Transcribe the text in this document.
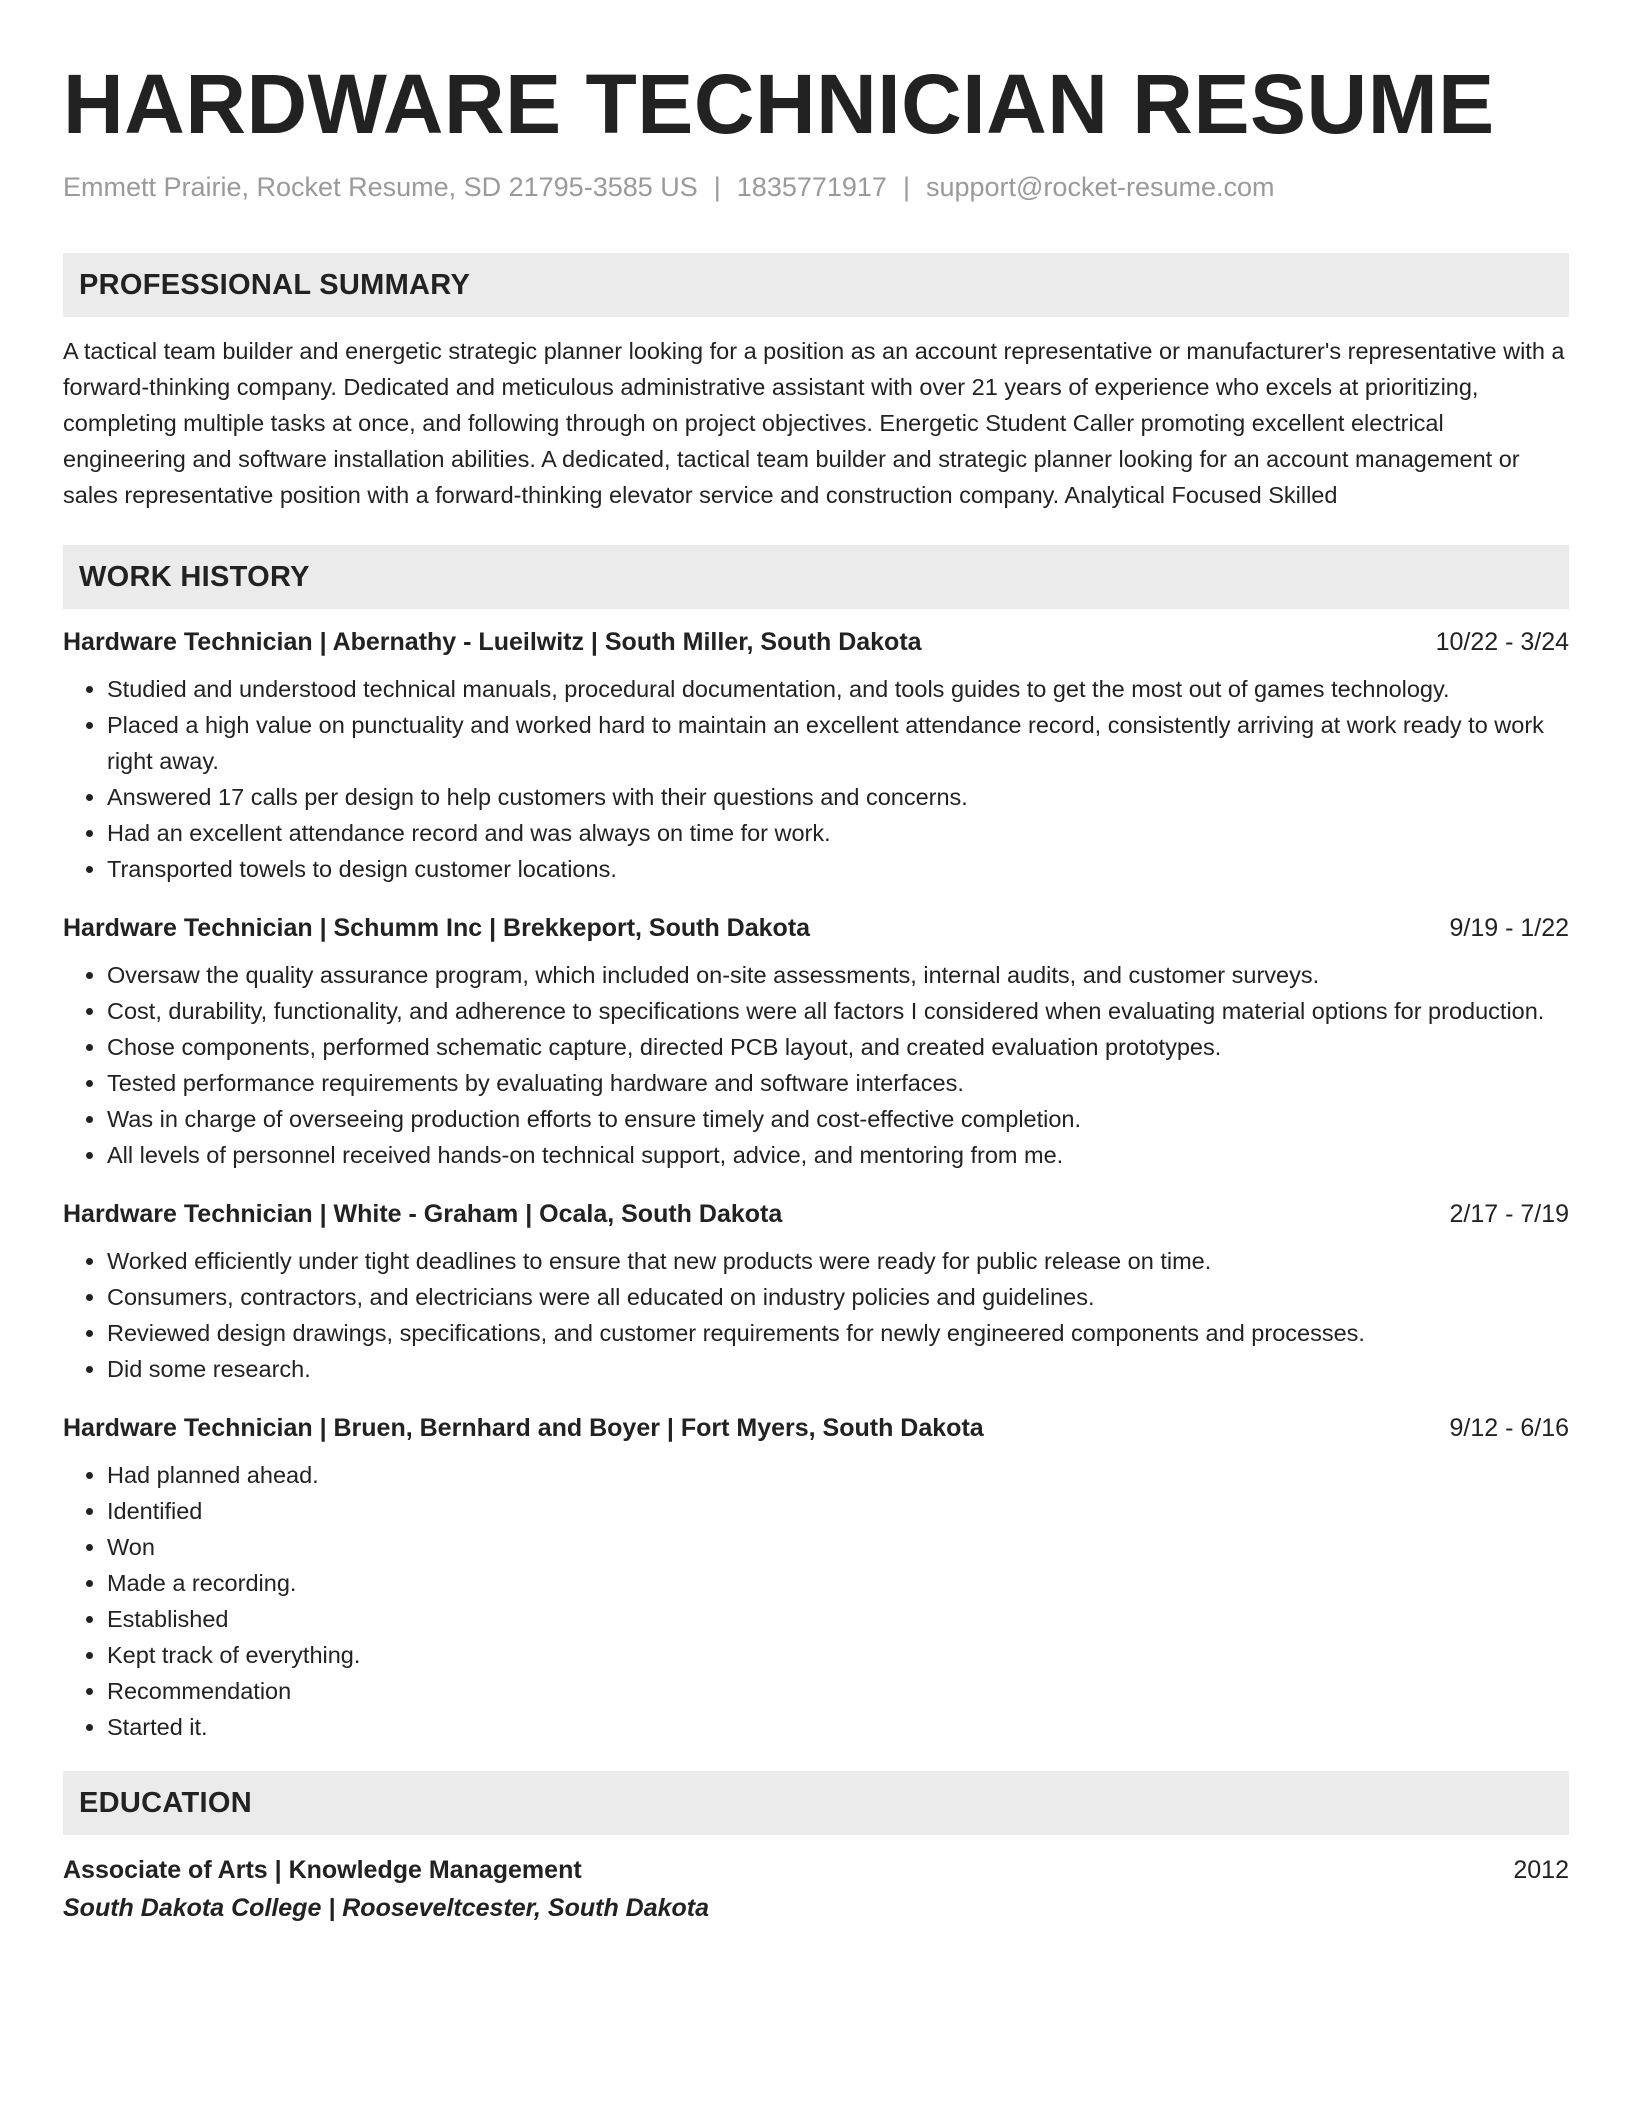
HARDWARE TECHNICIAN RESUME
Emmett Prairie, Rocket Resume, SD 21795-3585 US | 1835771917 | support@rocket-resume.com
PROFESSIONAL SUMMARY
A tactical team builder and energetic strategic planner looking for a position as an account representative or manufacturer's representative with a forward-thinking company. Dedicated and meticulous administrative assistant with over 21 years of experience who excels at prioritizing, completing multiple tasks at once, and following through on project objectives. Energetic Student Caller promoting excellent electrical engineering and software installation abilities. A dedicated, tactical team builder and strategic planner looking for an account management or sales representative position with a forward-thinking elevator service and construction company. Analytical Focused Skilled
WORK HISTORY
Hardware Technician | Abernathy - Lueilwitz | South Miller, South Dakota	10/22 - 3/24
• Studied and understood technical manuals, procedural documentation, and tools guides to get the most out of games technology.
• Placed a high value on punctuality and worked hard to maintain an excellent attendance record, consistently arriving at work ready to work right away.
• Answered 17 calls per design to help customers with their questions and concerns.
• Had an excellent attendance record and was always on time for work.
• Transported towels to design customer locations.
Hardware Technician | Schumm Inc | Brekkeport, South Dakota	9/19 - 1/22
• Oversaw the quality assurance program, which included on-site assessments, internal audits, and customer surveys.
• Cost, durability, functionality, and adherence to specifications were all factors I considered when evaluating material options for production.
• Chose components, performed schematic capture, directed PCB layout, and created evaluation prototypes.
• Tested performance requirements by evaluating hardware and software interfaces.
• Was in charge of overseeing production efforts to ensure timely and cost-effective completion.
• All levels of personnel received hands-on technical support, advice, and mentoring from me.
Hardware Technician | White - Graham | Ocala, South Dakota	2/17 - 7/19
• Worked efficiently under tight deadlines to ensure that new products were ready for public release on time.
• Consumers, contractors, and electricians were all educated on industry policies and guidelines.
• Reviewed design drawings, specifications, and customer requirements for newly engineered components and processes.
• Did some research.
Hardware Technician | Bruen, Bernhard and Boyer | Fort Myers, South Dakota	9/12 - 6/16
• Had planned ahead.
• Identified
• Won
• Made a recording.
• Established
• Kept track of everything.
• Recommendation
• Started it.
EDUCATION
Associate of Arts | Knowledge Management	2012
South Dakota College | Rooseveltcester, South Dakota
